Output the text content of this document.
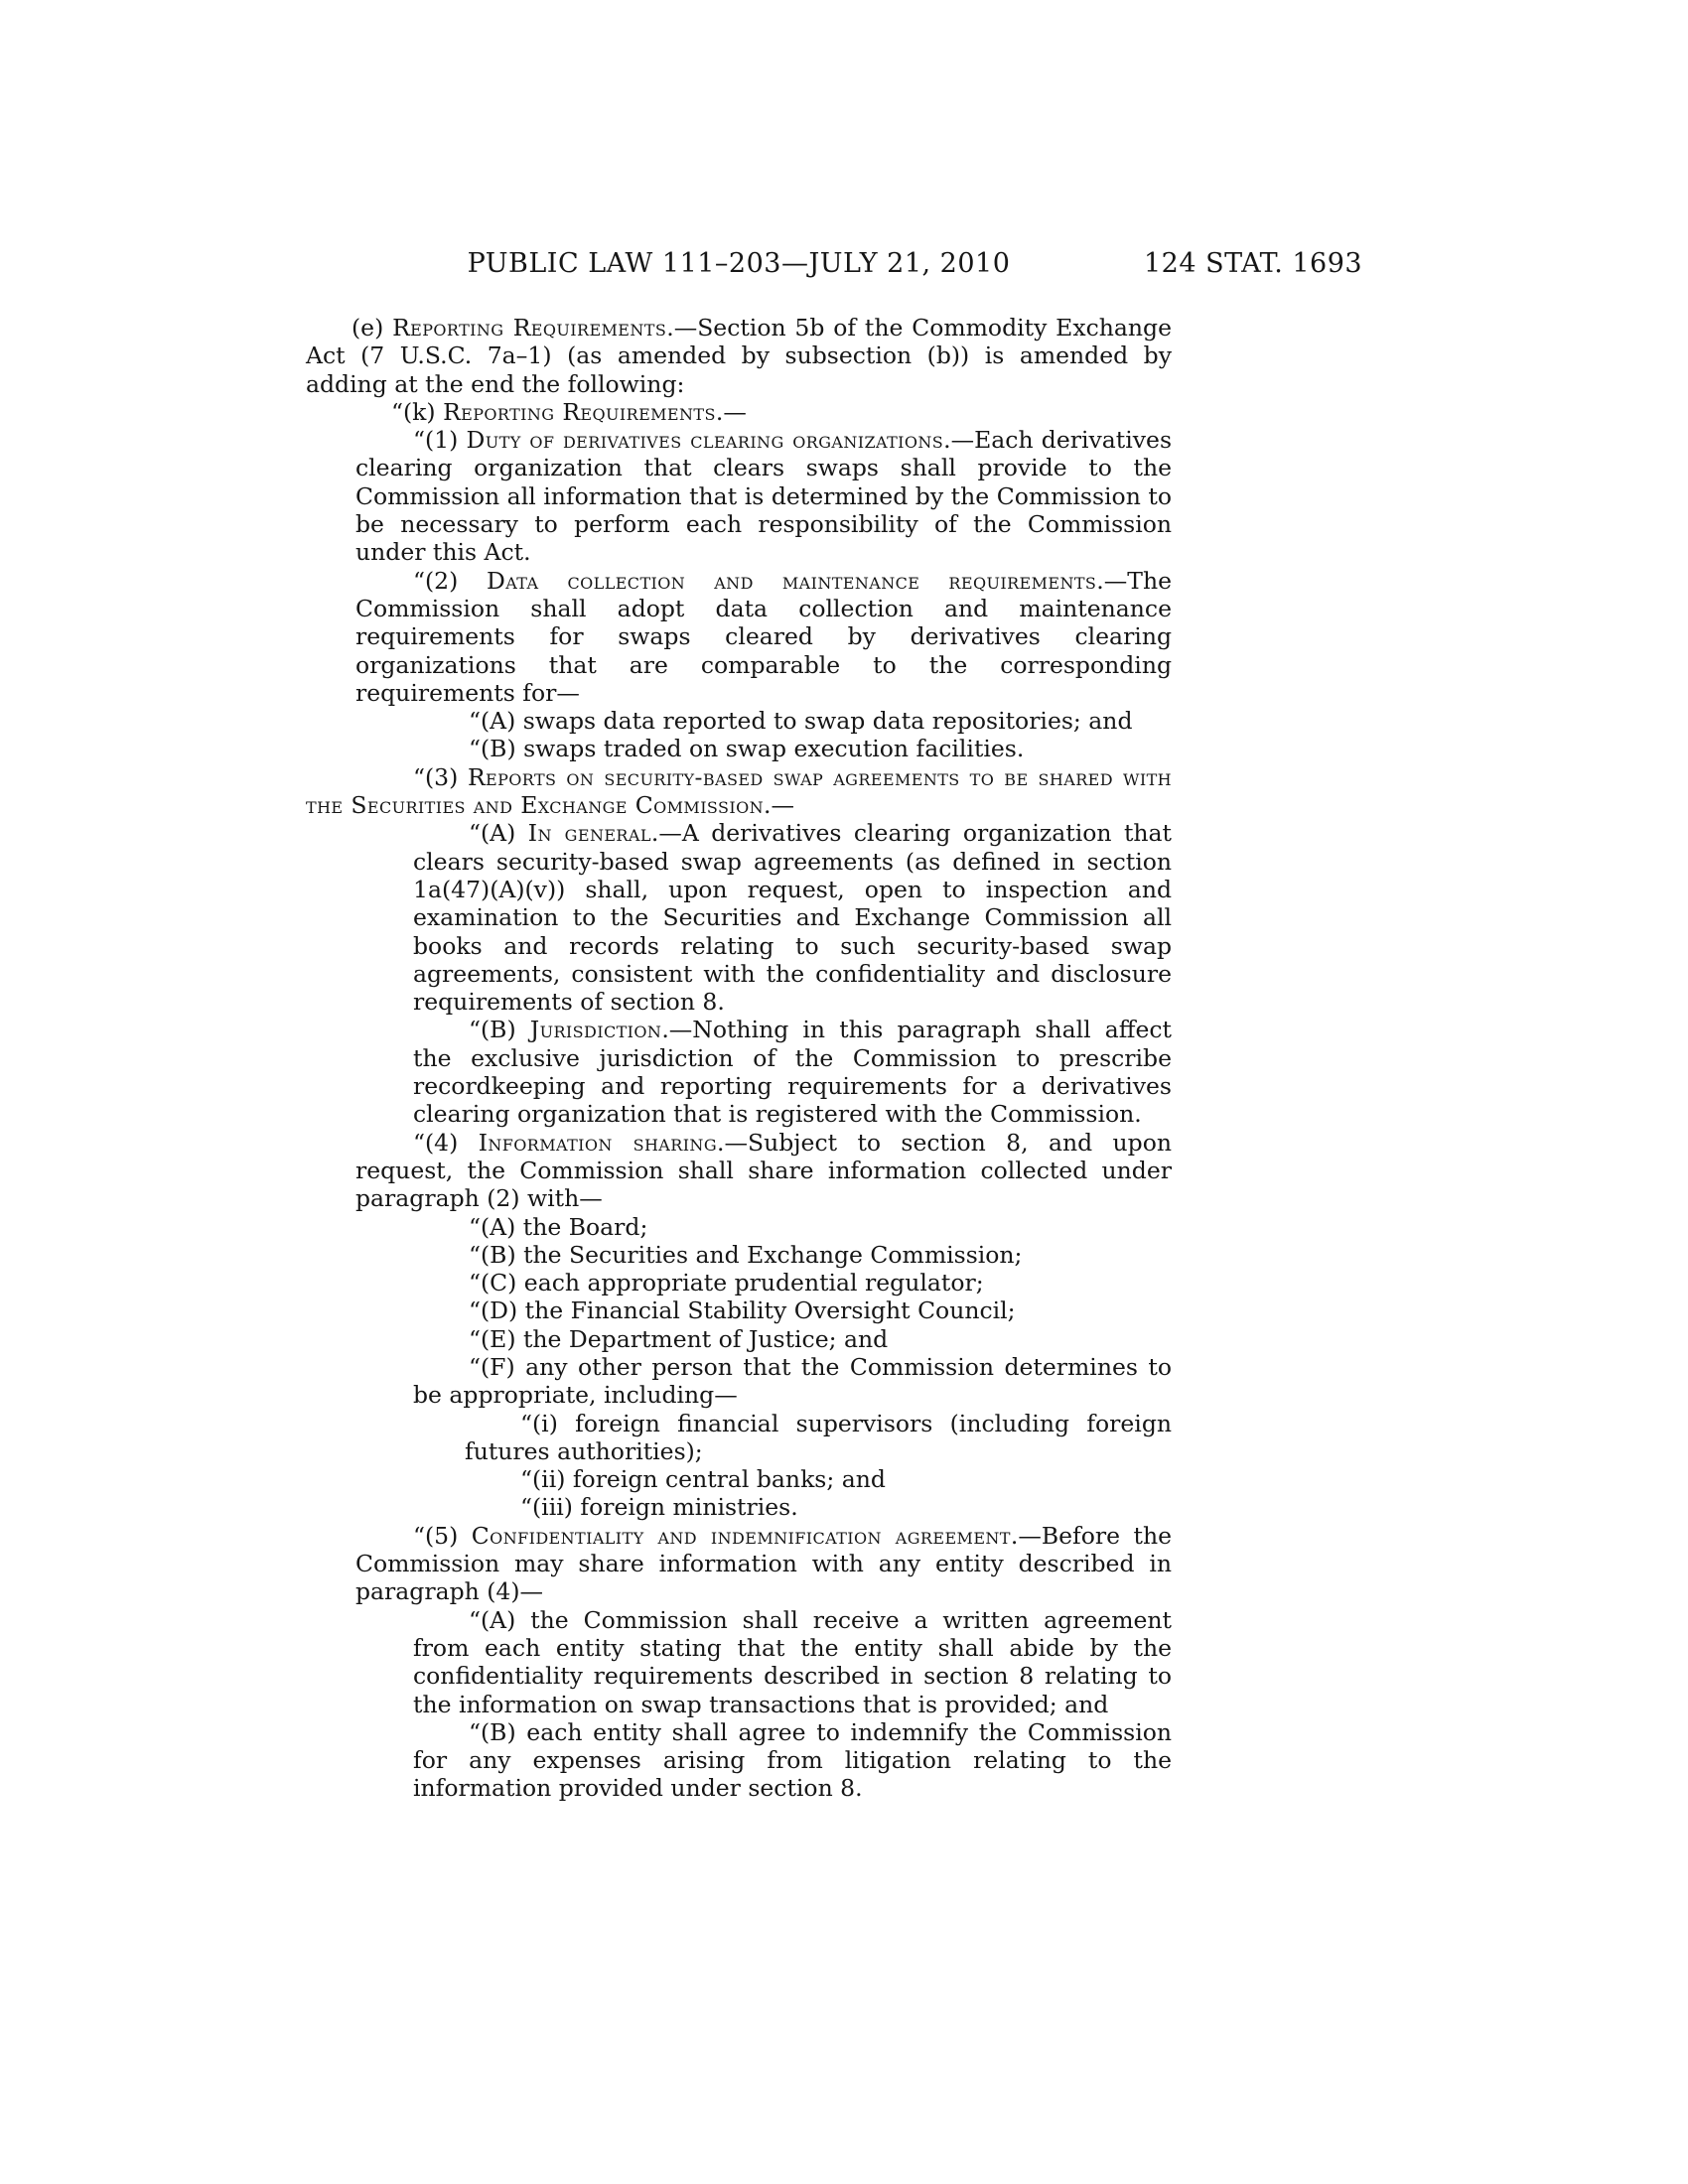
PUBLIC LAW 111–203—JULY 21, 2010	124 STAT. 1693

(e) Reporting Requirements.—Section 5b of the Commodity Exchange Act (7 U.S.C. 7a–1) (as amended by subsection (b)) is amended by adding at the end the following:

“(k) Reporting Requirements.—

“(1) Duty of derivatives clearing organizations.—Each derivatives clearing organization that clears swaps shall provide to the Commission all information that is determined by the Commission to be necessary to perform each responsibility of the Commission under this Act.

“(2) Data collection and maintenance requirements.—The Commission shall adopt data collection and maintenance requirements for swaps cleared by derivatives clearing organizations that are comparable to the corresponding requirements for—

“(A) swaps data reported to swap data repositories; and

“(B) swaps traded on swap execution facilities.

“(3) Reports on security-based swap agreements to be shared with the Securities and Exchange Commission.—

“(A) In general.—A derivatives clearing organization that clears security-based swap agreements (as defined in section 1a(47)(A)(v)) shall, upon request, open to inspection and examination to the Securities and Exchange Commission all books and records relating to such security-based swap agreements, consistent with the confidentiality and disclosure requirements of section 8.

“(B) Jurisdiction.—Nothing in this paragraph shall affect the exclusive jurisdiction of the Commission to prescribe recordkeeping and reporting requirements for a derivatives clearing organization that is registered with the Commission.

“(4) Information sharing.—Subject to section 8, and upon request, the Commission shall share information collected under paragraph (2) with—

“(A) the Board;

“(B) the Securities and Exchange Commission;

“(C) each appropriate prudential regulator;

“(D) the Financial Stability Oversight Council;

“(E) the Department of Justice; and

“(F) any other person that the Commission determines to be appropriate, including—

“(i) foreign financial supervisors (including foreign futures authorities);

“(ii) foreign central banks; and

“(iii) foreign ministries.

“(5) Confidentiality and indemnification agreement.—Before the Commission may share information with any entity described in paragraph (4)—

“(A) the Commission shall receive a written agreement from each entity stating that the entity shall abide by the confidentiality requirements described in section 8 relating to the information on swap transactions that is provided; and

“(B) each entity shall agree to indemnify the Commission for any expenses arising from litigation relating to the information provided under section 8.
